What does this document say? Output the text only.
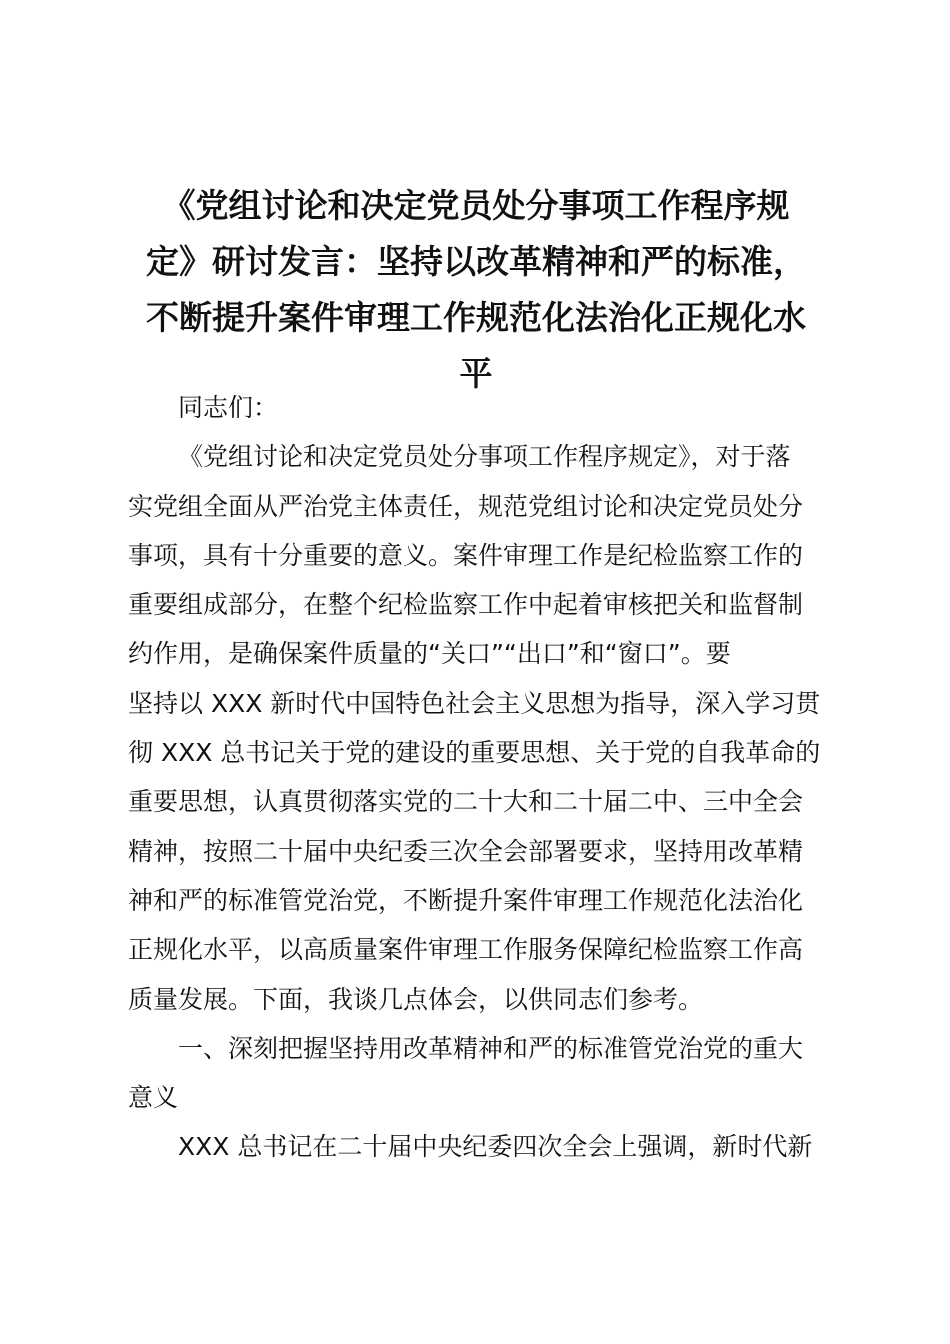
《党组讨论和决定党员处分事项工作程序规
定》研讨发言：坚持以改革精神和严的标准，
不断提升案件审理工作规范化法治化正规化水
平

同志们：

《党组讨论和决定党员处分事项工作程序规定》，对于落
实党组全面从严治党主体责任，规范党组讨论和决定党员处分
事项，具有十分重要的意义。案件审理工作是纪检监察工作的
重要组成部分，在整个纪检监察工作中起着审核把关和监督制
约作用，是确保案件质量的“关口”“出口”和“窗口”。要
坚持以 XXX 新时代中国特色社会主义思想为指导，深入学习贯
彻 XXX 总书记关于党的建设的重要思想、关于党的自我革命的
重要思想，认真贯彻落实党的二十大和二十届二中、三中全会
精神，按照二十届中央纪委三次全会部署要求，坚持用改革精
神和严的标准管党治党，不断提升案件审理工作规范化法治化
正规化水平，以高质量案件审理工作服务保障纪检监察工作高
质量发展。下面，我谈几点体会，以供同志们参考。

一、深刻把握坚持用改革精神和严的标准管党治党的重大
意义

XXX 总书记在二十届中央纪委四次全会上强调，新时代新
